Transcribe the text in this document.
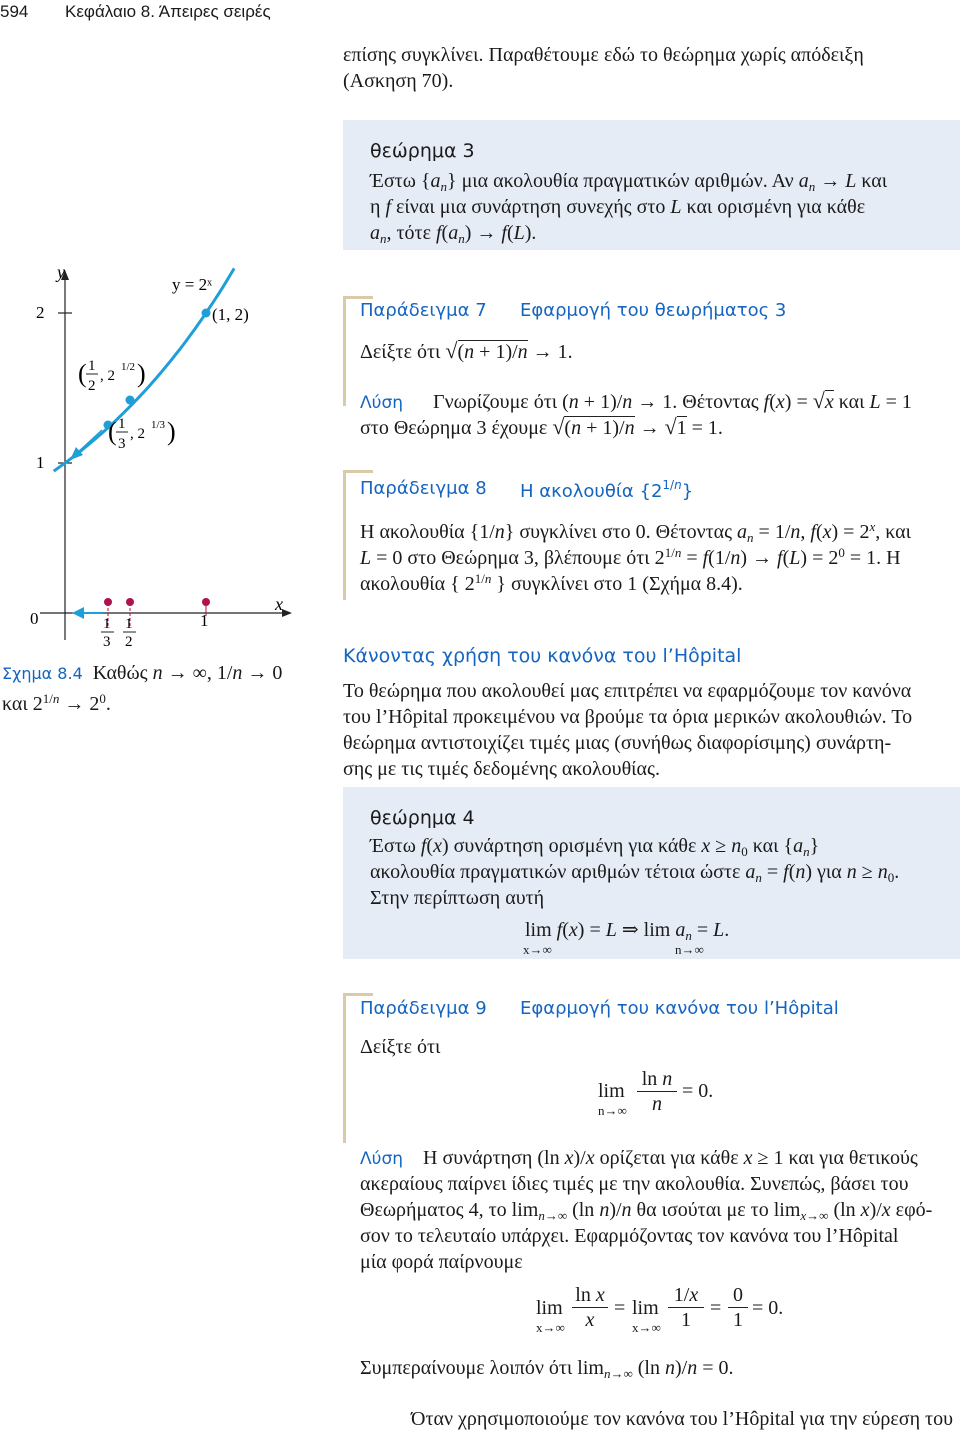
594 Κεφάλαιο 8. Άπειρες σειρές
επίσης συγκλίνει. Παραθέτουμε εδώ το θεώρημα χωρίς απόδειξη
(Ασκηση 70).
θεώρημα 3
Έστω $\{a_n\}$ μια ακολουθία πραγματικών αριθμών. Αν $a_n \to L$ και
η f είναι μια συνάρτηση συνεχής στο L και ορισμένη για κάθε
$a_n$, τότε $f(a_n) \to f(L)$.
y
x
2
1
0	1
y = 2ˣ
(1, 2)
1
3
1
2
( 1
2
, 2
1/2 )
( 1
3
, 2
1/3 )
Σχημα 8.4  Καθώς n → ∞, 1/n → 0
και $2^{1/n} \to 2^0$.
Παράδειγμα 7 Εφαρμογή του θεωρήματος 3
Δείξτε ότι √(n + 1)/n → 1.
Λύση      Γνωρίζουμε ότι (n + 1)/n → 1. Θέτοντας f(x) = √x και L = 1
στο Θεώρημα 3 έχουμε √(n + 1)/n → √1 = 1.
Παράδειγμα 8 Η ακολουθία $\{2^{1/n}\}$
Η ακολουθία {1/n} συγκλίνει στο 0. Θέτοντας $a_n = 1/n$, $f(x) = 2^x$, και
L = 0 στο Θεώρημα 3, βλέπουμε ότι $2^{1/n} = f(1/n) \to f(L) = 2^0 = 1$. Η
ακολουθία { $2^{1/n}$ } συγκλίνει στο 1 (Σχήμα 8.4).
Κάνοντας χρήση του κανόνα του l’Hôpital
Το θεώρημα που ακολουθεί μας επιτρέπει να εφαρμόζουμε τον κανόνα
του l’Hôpital προκειμένου να βρούμε τα όρια μερικών ακολουθιών. Το
θεώρημα αντιστοιχίζει τιμές μιας (συνήθως διαφορίσιμης) συνάρτη-
σης με τις τιμές δεδομένης ακολουθίας.
θεώρημα 4
Έστω f(x) συνάρτηση ορισμένη για κάθε $x \ge n_0$ και $\{a_n\}$
ακολουθία πραγματικών αριθμών τέτοια ώστε $a_n = f(n)$ για $n \ge n_0$.
Στην περίπτωση αυτή
lim f(x) = L ⇒ $\lim a_n = L$.
x→∞	n→∞
Παράδειγμα 9 Εφαρμογή του κανόνα του l’Hôpital
Δείξτε ότι
lim
n→∞
ln n
n
= 0.
Λύση    Η συνάρτηση (ln x)/x ορίζεται για κάθε x ≥ 1 και για θετικούς
ακεραίους παίρνει ίδιες τιμές με την ακολουθία. Συνεπώς, βάσει του
Θεωρήματος 4, το $\lim_{n\to\infty} (\ln$ n)/n θα ισούται με το $\lim_{x\to\infty} (\ln$ x)/x εφό-
σον το τελευταίο υπάρχει. Εφαρμόζοντας τον κανόνα του l’Hôpital
μία φορά παίρνουμε
lim
x→∞
ln x
x
= lim
x→∞
1/x
1
=
0
1
= 0.
Συμπεραίνουμε λοιπόν ότι $\lim_{n\to\infty} (\ln$ n)/n = 0.
Όταν χρησιμοποιούμε τον κανόνα του l’Hôpital για την εύρεση του
